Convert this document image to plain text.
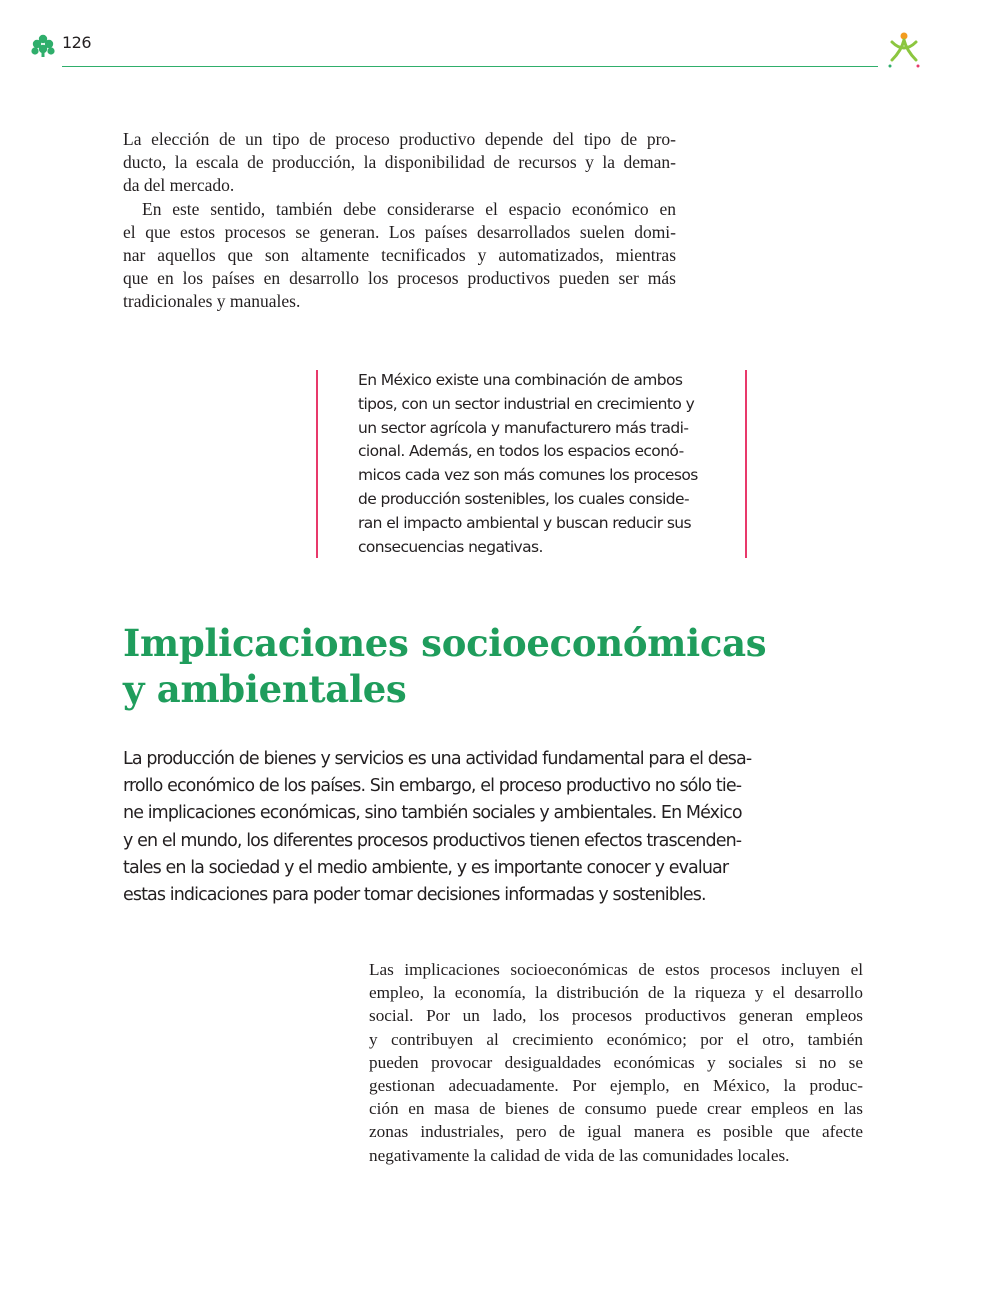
126

La elección de un tipo de proceso productivo depende del tipo de pro-
ducto, la escala de producción, la disponibilidad de recursos y la deman-
da del mercado.

En este sentido, también debe considerarse el espacio económico en
el que estos procesos se generan. Los países desarrollados suelen domi-
nar aquellos que son altamente tecnificados y automatizados, mientras
que en los países en desarrollo los procesos productivos pueden ser más
tradicionales y manuales.

En México existe una combinación de ambos
tipos, con un sector industrial en crecimiento y
un sector agrícola y manufacturero más tradi-
cional. Además, en todos los espacios econó-
micos cada vez son más comunes los procesos
de producción sostenibles, los cuales conside-
ran el impacto ambiental y buscan reducir sus
consecuencias negativas.

Implicaciones socioeconómicas
y ambientales

La producción de bienes y servicios es una actividad fundamental para el desa-
rrollo económico de los países. Sin embargo, el proceso productivo no sólo tie-
ne implicaciones económicas, sino también sociales y ambientales. En México
y en el mundo, los diferentes procesos productivos tienen efectos trascenden-
tales en la sociedad y el medio ambiente, y es importante conocer y evaluar
estas indicaciones para poder tomar decisiones informadas y sostenibles.

Las implicaciones socioeconómicas de estos procesos incluyen el
empleo, la economía, la distribución de la riqueza y el desarrollo
social. Por un lado, los procesos productivos generan empleos
y contribuyen al crecimiento económico; por el otro, también
pueden provocar desigualdades económicas y sociales si no se
gestionan adecuadamente. Por ejemplo, en México, la produc-
ción en masa de bienes de consumo puede crear empleos en las
zonas industriales, pero de igual manera es posible que afecte
negativamente la calidad de vida de las comunidades locales.
